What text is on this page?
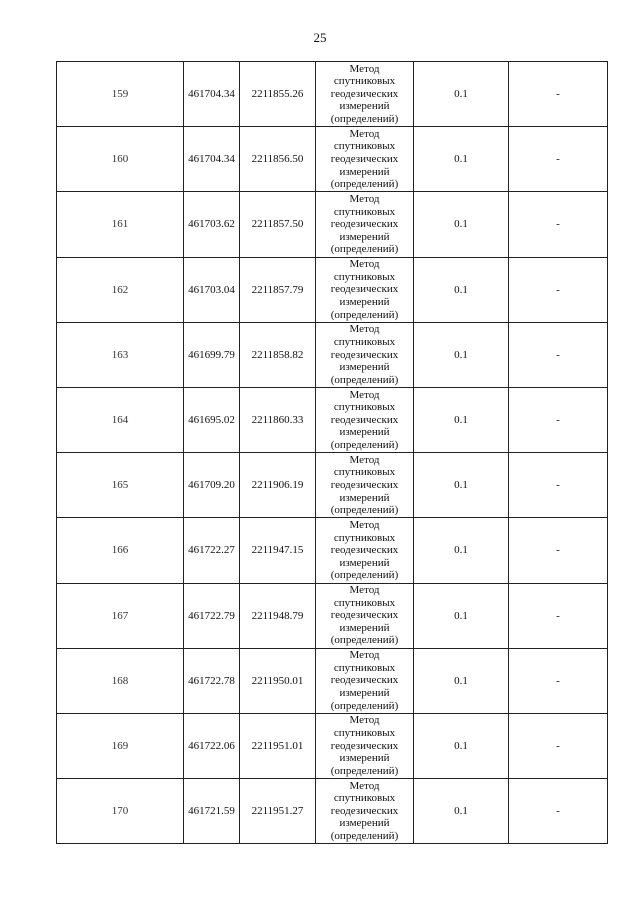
25
159	461704.34	2211855.26	Метод
спутниковых
геодезических
измерений
(определений)	0.1	-
160	461704.34	2211856.50	Метод
спутниковых
геодезических
измерений
(определений)	0.1	-
161	461703.62	2211857.50	Метод
спутниковых
геодезических
измерений
(определений)	0.1	-
162	461703.04	2211857.79	Метод
спутниковых
геодезических
измерений
(определений)	0.1	-
163	461699.79	2211858.82	Метод
спутниковых
геодезических
измерений
(определений)	0.1	-
164	461695.02	2211860.33	Метод
спутниковых
геодезических
измерений
(определений)	0.1	-
165	461709.20	2211906.19	Метод
спутниковых
геодезических
измерений
(определений)	0.1	-
166	461722.27	2211947.15	Метод
спутниковых
геодезических
измерений
(определений)	0.1	-
167	461722.79	2211948.79	Метод
спутниковых
геодезических
измерений
(определений)	0.1	-
168	461722.78	2211950.01	Метод
спутниковых
геодезических
измерений
(определений)	0.1	-
169	461722.06	2211951.01	Метод
спутниковых
геодезических
измерений
(определений)	0.1	-
170	461721.59	2211951.27	Метод
спутниковых
геодезических
измерений
(определений)	0.1	-
